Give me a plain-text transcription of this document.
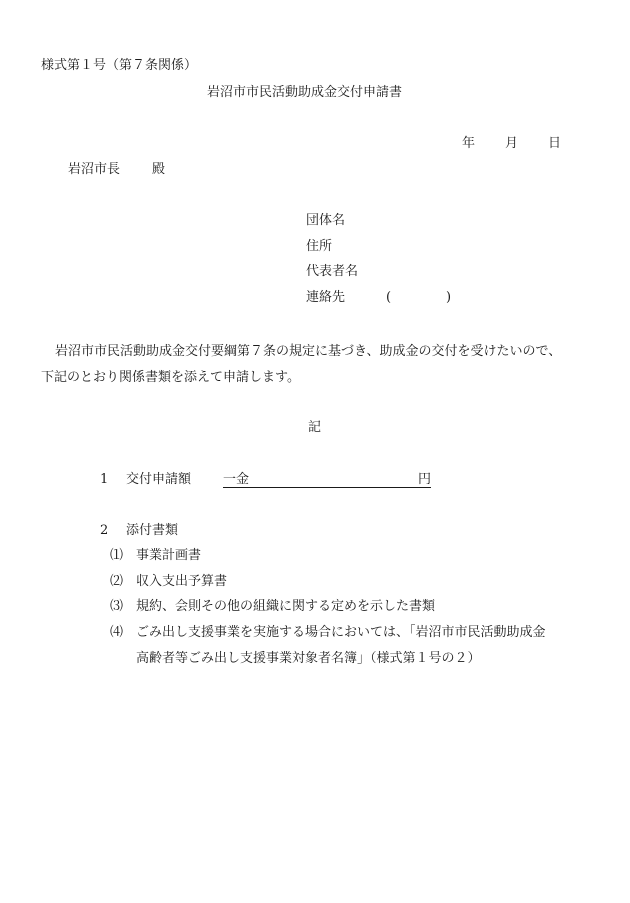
様式第１号（第７条関係）
岩沼市市民活動助成金交付申請書
年 月 日
岩沼市長 殿
団体名
住所
代表者名
連絡先	(	)
岩沼市市民活動助成金交付要綱第７条の規定に基づき、助成金の交付を受けたいので、
下記のとおり関係書類を添えて申請します。
記
1 交付申請額 一金	円
2 添付書類
⑴ 事業計画書
⑵ 収入支出予算書
⑶ 規約、会則その他の組織に関する定めを示した書類
⑷ ごみ出し支援事業を実施する場合においては、「岩沼市市民活動助成金
高齢者等ごみ出し支援事業対象者名簿」（様式第１号の２）
